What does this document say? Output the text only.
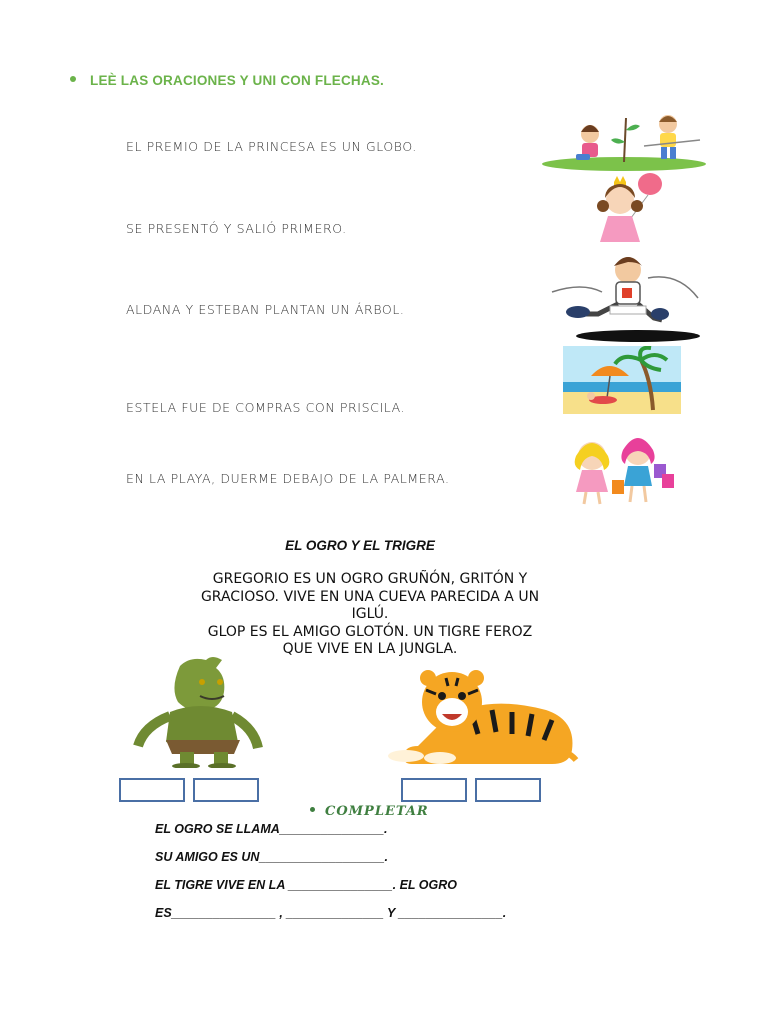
LEÈ LAS ORACIONES Y UNI CON FLECHAS.
EL PREMIO DE LA PRINCESA ES UN GLOBO.
SE PRESENTÓ Y SALIÓ PRIMERO.
ALDANA Y ESTEBAN PLANTAN UN ÁRBOL.
ESTELA FUE DE COMPRAS CON PRISCILA.
EN LA PLAYA, DUERME DEBAJO DE LA PALMERA.
EL OGRO Y EL TRIGRE

GREGORIO ES UN OGRO GRUÑÓN, GRITÓN Y

GRACIOSO. VIVE EN UNA CUEVA PARECIDA A UN

IGLÚ.

GLOP ES EL AMIGO GLOTÓN. UN TIGRE FEROZ

QUE VIVE EN LA JUNGLA.

COMPLETAR
EL OGRO SE LLAMA_______________.
SU AMIGO ES UN__________________.
EL TIGRE VIVE EN LA _______________. EL OGRO
ES_______________ , ______________ Y _______________.
